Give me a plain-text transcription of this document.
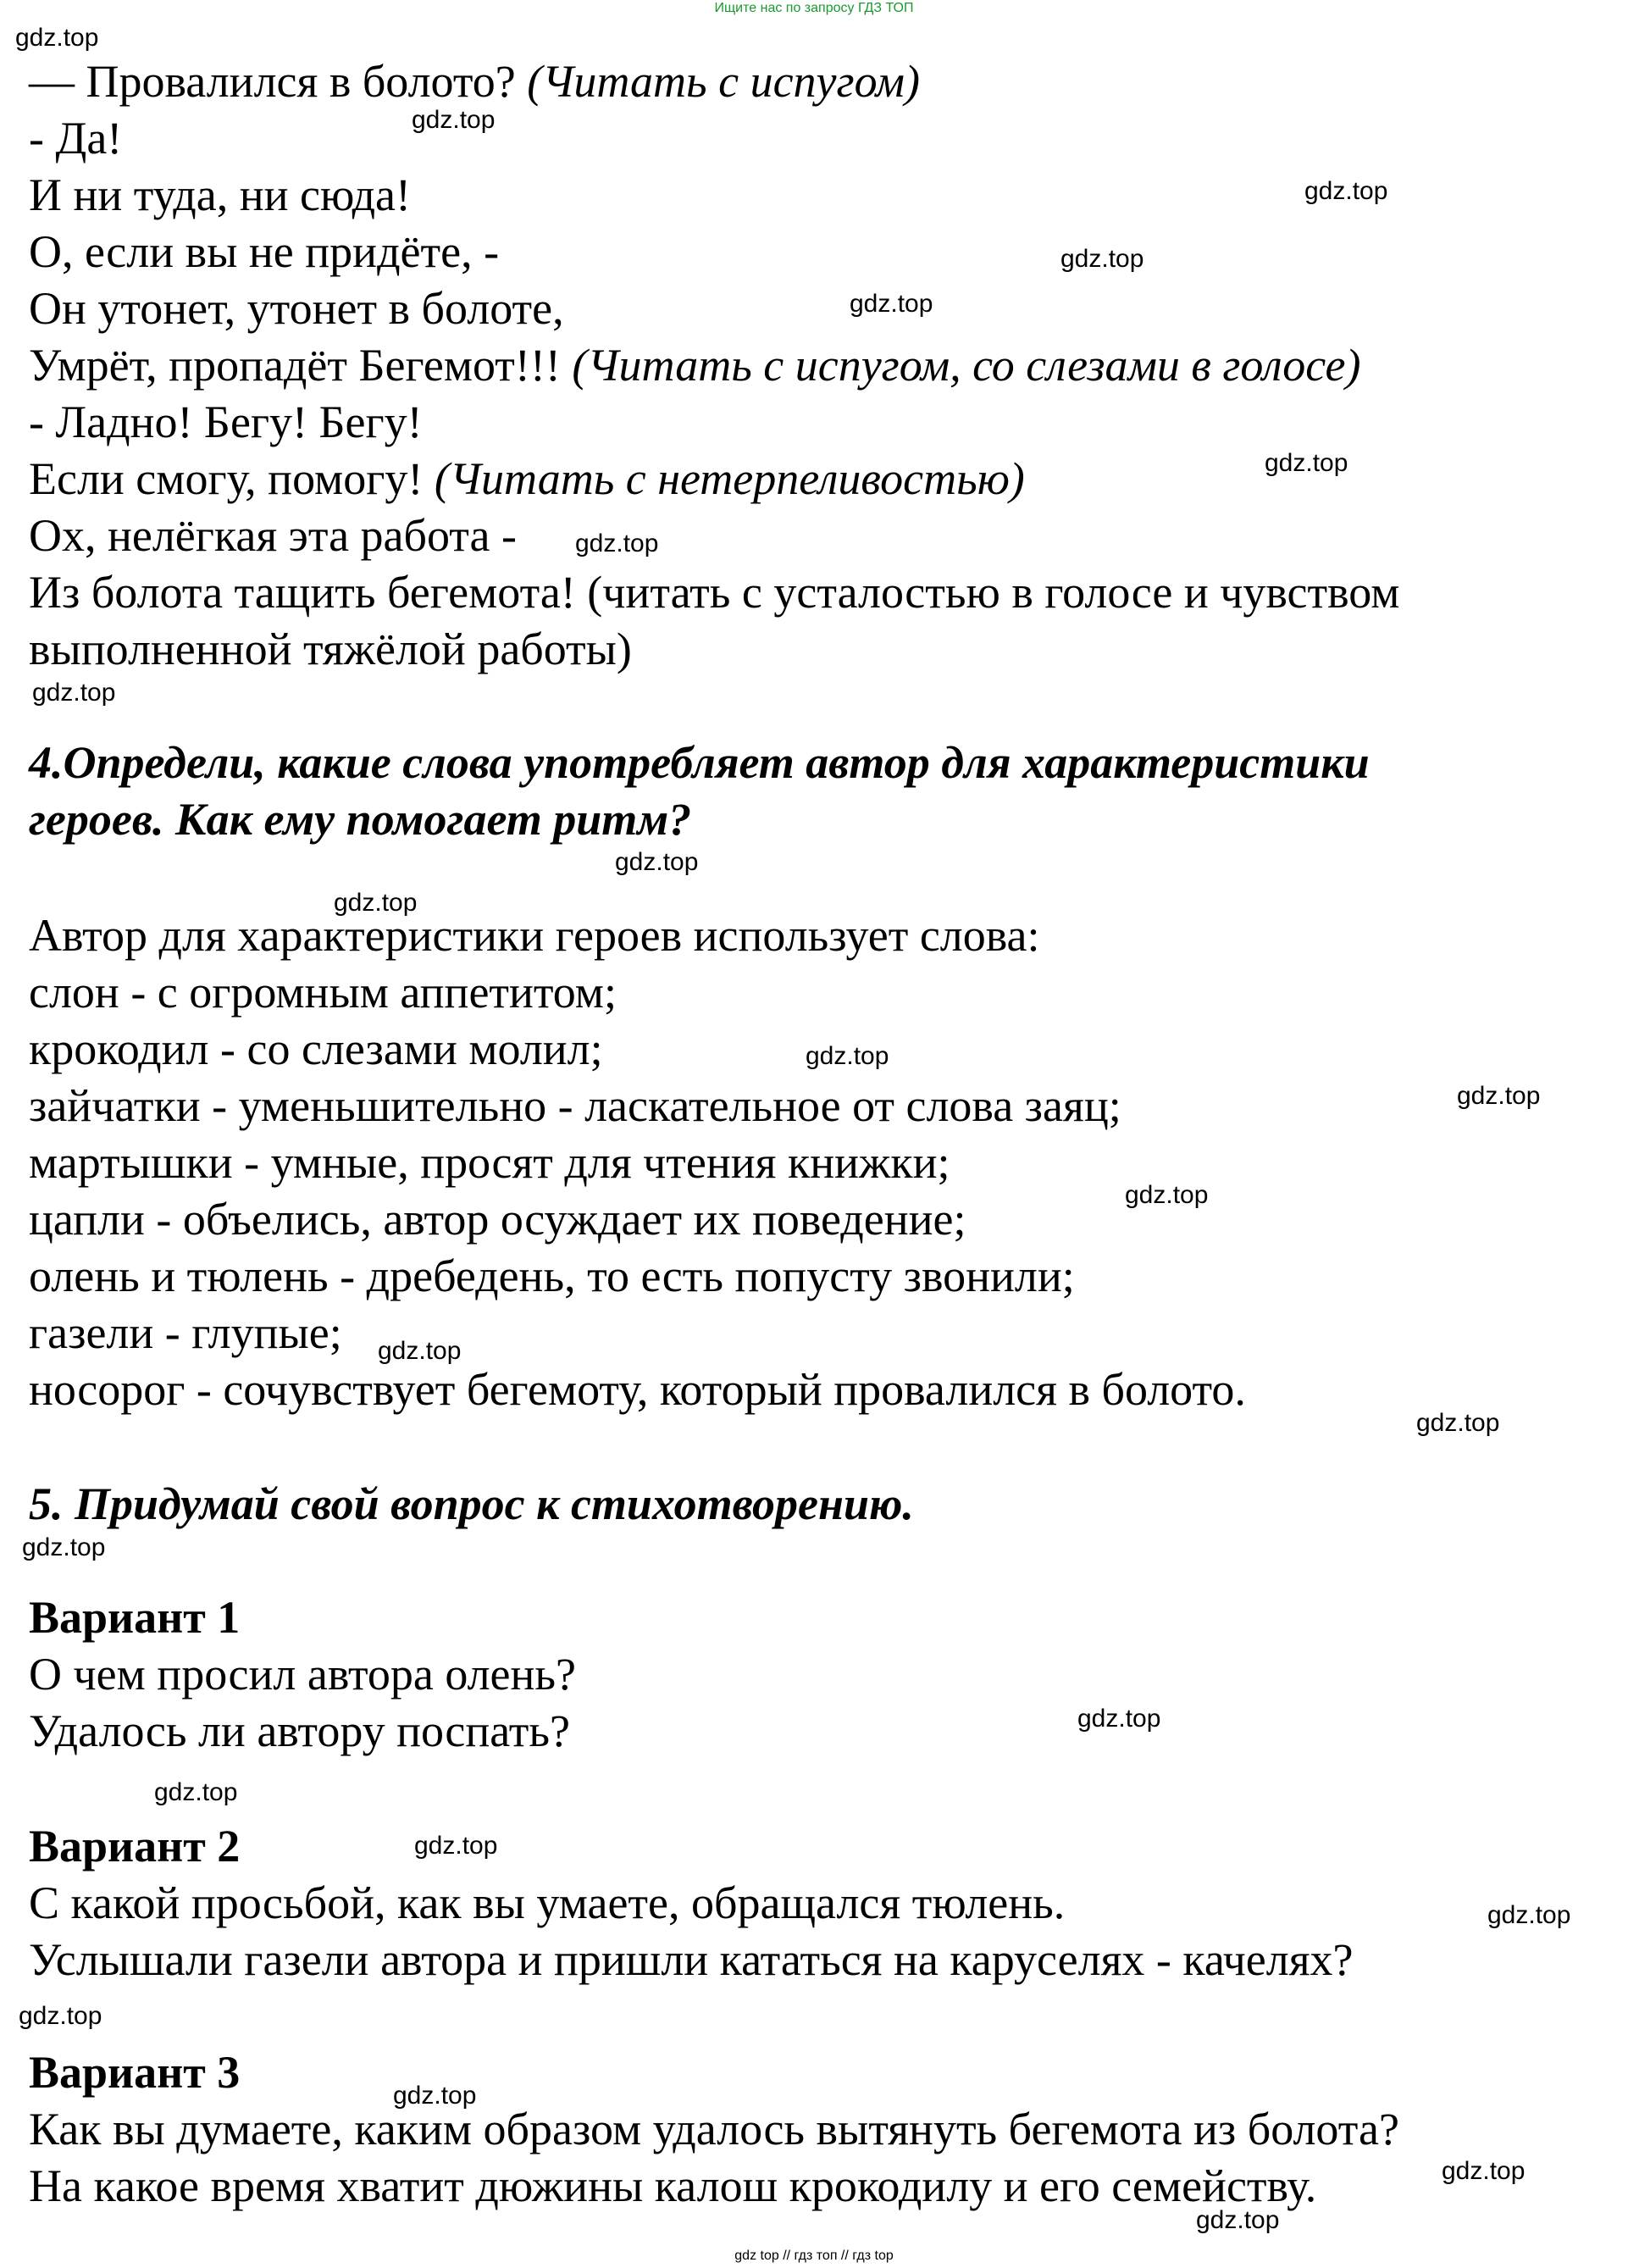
Ищите нас по запросу ГДЗ ТОП
— Провалился в болото? (Читать с испугом)
- Да!
И ни туда, ни сюда!
О, если вы не придёте, -
Он утонет, утонет в болоте,
Умрёт, пропадёт Бегемот!!! (Читать с испугом, со слезами в голосе)
- Ладно! Бегу! Бегу!
Если смогу, помогу! (Читать с нетерпеливостью)
Ох, нелёгкая эта работа -
Из болота тащить бегемота! (читать с усталостью в голосе и чувством
выполненной тяжёлой работы)
4.Определи, какие слова употребляет автор для характеристики
героев. Как ему помогает ритм?
Автор для характеристики героев использует слова:
слон - с огромным аппетитом;
крокодил - со слезами молил;
зайчатки - уменьшительно - ласкательное от слова заяц;
мартышки - умные, просят для чтения книжки;
цапли - объелись, автор осуждает их поведение;
олень и тюлень - дребедень, то есть попусту звонили;
газели - глупые;
носорог - сочувствует бегемоту, который провалился в болото.
5. Придумай свой вопрос к стихотворению.
Вариант 1
О чем просил автора олень?
Удалось ли автору поспать?
Вариант 2
С какой просьбой, как вы умаете, обращался тюлень.
Услышали газели автора и пришли кататься на каруселях - качелях?
Вариант 3
Как вы думаете, каким образом удалось вытянуть бегемота из болота?
На какое время хватит дюжины калош крокодилу и его семейству.
gdz.top
gdz.top
gdz.top
gdz.top
gdz.top
gdz.top
gdz.top
gdz.top
gdz.top
gdz.top
gdz.top
gdz.top
gdz.top
gdz.top
gdz.top
gdz.top
gdz.top
gdz.top
gdz.top
gdz.top
gdz.top
gdz.top
gdz.top
gdz.top
gdz top // гдз топ // гдз top
